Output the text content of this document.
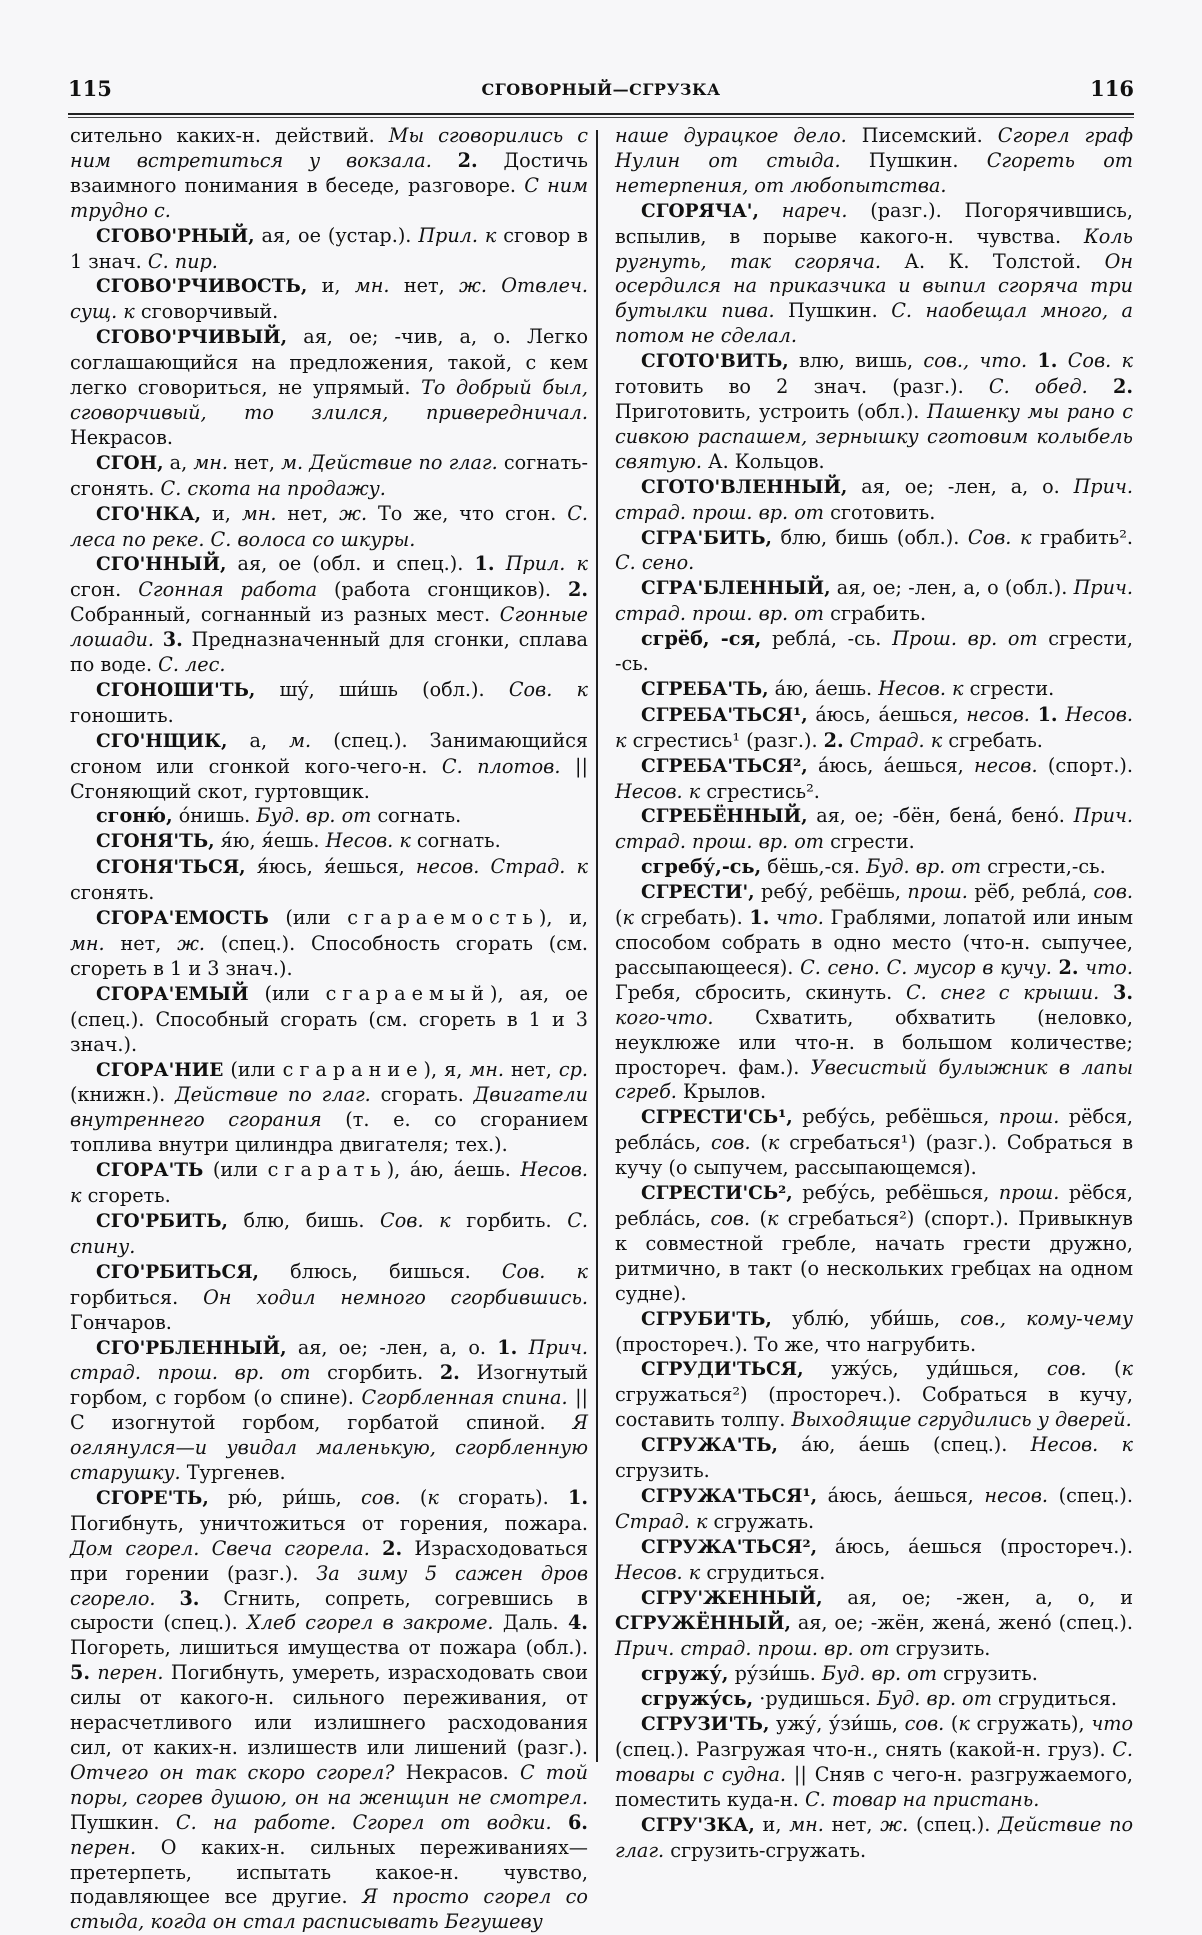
115	СГОВОРНЫЙ—СГРУЗКА	116

сительно каких-н. действий. Мы сговорились с ним встретиться у вокзала. 2. Достичь взаимного понимания в беседе, разговоре. С ним трудно с.

СГОВО'РНЫЙ, ая, ое (устар.). Прил. к сговор в 1 знач. С. пир.

СГОВО'РЧИВОСТЬ, и, мн. нет, ж. Отвлеч. сущ. к сговорчивый.

СГОВО'РЧИВЫЙ, ая, ое; -чив, а, о. Легко соглашающийся на предложения, такой, с кем легко сговориться, не упрямый. То добрый был, сговорчивый, то злился, привередничал. Некрасов.

СГОН, а, мн. нет, м. Действие по глаг. согнать-сгонять. С. скота на продажу.

СГО'НКА, и, мн. нет, ж. То же, что сгон. С. леса по реке. С. волоса со шкуры.

СГО'ННЫЙ, ая, ое (обл. и спец.). 1. Прил. к сгон. Сгонная работа (работа сгонщиков). 2. Собранный, согнанный из разных мест. Сгонные лошади. 3. Предназначенный для сгонки, сплава по воде. С. лес.

СГОНОШИ'ТЬ, шу́, ши́шь (обл.). Сов. к гоношить.

СГО'НЩИК, а, м. (спец.). Занимающийся сгоном или сгонкой кого-чего-н. С. плотов. || Сгоняющий скот, гуртовщик.

сгоню́, о́нишь. Буд. вр. от согнать.

СГОНЯ'ТЬ, я́ю, я́ешь. Несов. к согнать.

СГОНЯ'ТЬСЯ, я́юсь, я́ешься, несов. Страд. к сгонять.

СГОРА'ЕМОСТЬ (или сгараемость), и, мн. нет, ж. (спец.). Способность сгорать (см. сгореть в 1 и 3 знач.).

СГОРА'ЕМЫЙ (или сгараемый), ая, ое (спец.). Способный сгорать (см. сгореть в 1 и 3 знач.).

СГОРА'НИЕ (или сгарание), я, мн. нет, ср. (книжн.). Действие по глаг. сгорать. Двигатели внутреннего сгорания (т. е. со сгоранием топлива внутри цилиндра двигателя; тех.).

СГОРА'ТЬ (или сгарать), а́ю, а́ешь. Несов. к сгореть.

СГО'РБИТЬ, блю, бишь. Сов. к горбить. С. спину.

СГО'РБИТЬСЯ, блюсь, бишься. Сов. к горбиться. Он ходил немного сгорбившись. Гончаров.

СГО'РБЛЕННЫЙ, ая, ое; -лен, а, о. 1. Прич. страд. прош. вр. от сгорбить. 2. Изогнутый горбом, с горбом (о спине). Сгорбленная спина. || С изогнутой горбом, горбатой спиной. Я оглянулся—и увидал маленькую, сгорбленную старушку. Тургенев.

СГОРЕ'ТЬ, рю́, ри́шь, сов. (к сгорать). 1. Погибнуть, уничтожиться от горения, пожара. Дом сгорел. Свеча сгорела. 2. Израсходоваться при горении (разг.). За зиму 5 сажен дров сгорело. 3. Сгнить, сопреть, согревшись в сырости (спец.). Хлеб сгорел в закроме. Даль. 4. Погореть, лишиться имущества от пожара (обл.). 5. перен. Погибнуть, умереть, израсходовать свои силы от какого-н. сильного переживания, от нерасчетливого или излишнего расходования сил, от каких-н. излишеств или лишений (разг.). Отчего он так скоро сгорел? Некрасов. С той поры, сгорев душою, он на женщин не смотрел. Пушкин. С. на работе. Сгорел от водки. 6. перен. О каких-н. сильных переживаниях—претерпеть, испытать какое-н. чувство, подавляющее все другие. Я просто сгорел со стыда, когда он стал расписывать Бегушеву

наше дурацкое дело. Писемский. Сгорел граф Нулин от стыда. Пушкин. Сгореть от нетерпения, от любопытства.

СГОРЯЧА', нареч. (разг.). Погорячившись, вспылив, в порыве какого-н. чувства. Коль ругнуть, так сгоряча. А. К. Толстой. Он осердился на приказчика и выпил сгоряча три бутылки пива. Пушкин. С. наобещал много, а потом не сделал.

СГОТО'ВИТЬ, влю, вишь, сов., что. 1. Сов. к готовить во 2 знач. (разг.). С. обед. 2. Приготовить, устроить (обл.). Пашенку мы рано с сивкою распашем, зернышку сготовим колыбель святую. А. Кольцов.

СГОТО'ВЛЕННЫЙ, ая, ое; -лен, а, о. Прич. страд. прош. вр. от сготовить.

СГРА'БИТЬ, блю, бишь (обл.). Сов. к грабить². С. сено.

СГРА'БЛЕННЫЙ, ая, ое; -лен, а, о (обл.). Прич. страд. прош. вр. от сграбить.

сгрёб, -ся, ребла́, -сь. Прош. вр. от сгрести, -сь.

СГРЕБА'ТЬ, а́ю, а́ешь. Несов. к сгрести.

СГРЕБА'ТЬСЯ¹, а́юсь, а́ешься, несов. 1. Несов. к сгрестись¹ (разг.). 2. Страд. к сгребать.

СГРЕБА'ТЬСЯ², а́юсь, а́ешься, несов. (спорт.). Несов. к сгрестись².

СГРЕБЁННЫЙ, ая, ое; -бён, бена́, бено́. Прич. страд. прош. вр. от сгрести.

сгребу́,-сь, бёшь,-ся. Буд. вр. от сгрести,-сь.

СГРЕСТИ', ребу́, ребёшь, прош. рёб, ребла́, сов. (к сгребать). 1. что. Граблями, лопатой или иным способом собрать в одно место (что-н. сыпучее, рассыпающееся). С. сено. С. мусор в кучу. 2. что. Гребя, сбросить, скинуть. С. снег с крыши. 3. кого-что. Схватить, обхватить (неловко, неуклюже или что-н. в большом количестве; простореч. фам.). Увесистый булыжник в лапы сгреб. Крылов.

СГРЕСТИ'СЬ¹, ребу́сь, ребёшься, прош. рёбся, ребла́сь, сов. (к сгребаться¹) (разг.). Собраться в кучу (о сыпучем, рассыпающемся).

СГРЕСТИ'СЬ², ребу́сь, ребёшься, прош. рёбся, ребла́сь, сов. (к сгребаться²) (спорт.). Привыкнув к совместной гребле, начать грести дружно, ритмично, в такт (о нескольких гребцах на одном судне).

СГРУБИ'ТЬ, ублю́, уби́шь, сов., кому-чему (простореч.). То же, что нагрубить.

СГРУДИ'ТЬСЯ, ужу́сь, уди́шься, сов. (к сгружаться²) (простореч.). Собраться в кучу, составить толпу. Выходящие сгрудились у дверей.

СГРУЖА'ТЬ, а́ю, а́ешь (спец.). Несов. к сгрузить.

СГРУЖА'ТЬСЯ¹, а́юсь, а́ешься, несов. (спец.). Страд. к сгружать.

СГРУЖА'ТЬСЯ², а́юсь, а́ешься (простореч.). Несов. к сгрудиться.

СГРУ'ЖЕННЫЙ, ая, ое; -жен, а, о, и СГРУЖЁННЫЙ, ая, ое; -жён, жена́, жено́ (спец.). Прич. страд. прош. вр. от сгрузить.

сгружу́, ру́зи́шь. Буд. вр. от сгрузить.

сгружу́сь, ·рудишься. Буд. вр. от сгрудиться.

СГРУЗИ'ТЬ, ужу́, у́зи́шь, сов. (к сгружать), что (спец.). Разгружая что-н., снять (какой-н. груз). С. товары с судна. || Сняв с чего-н. разгружаемого, поместить куда-н. С. товар на пристань.

СГРУ'ЗКА, и, мн. нет, ж. (спец.). Действие по глаг. сгрузить-сгружать.
